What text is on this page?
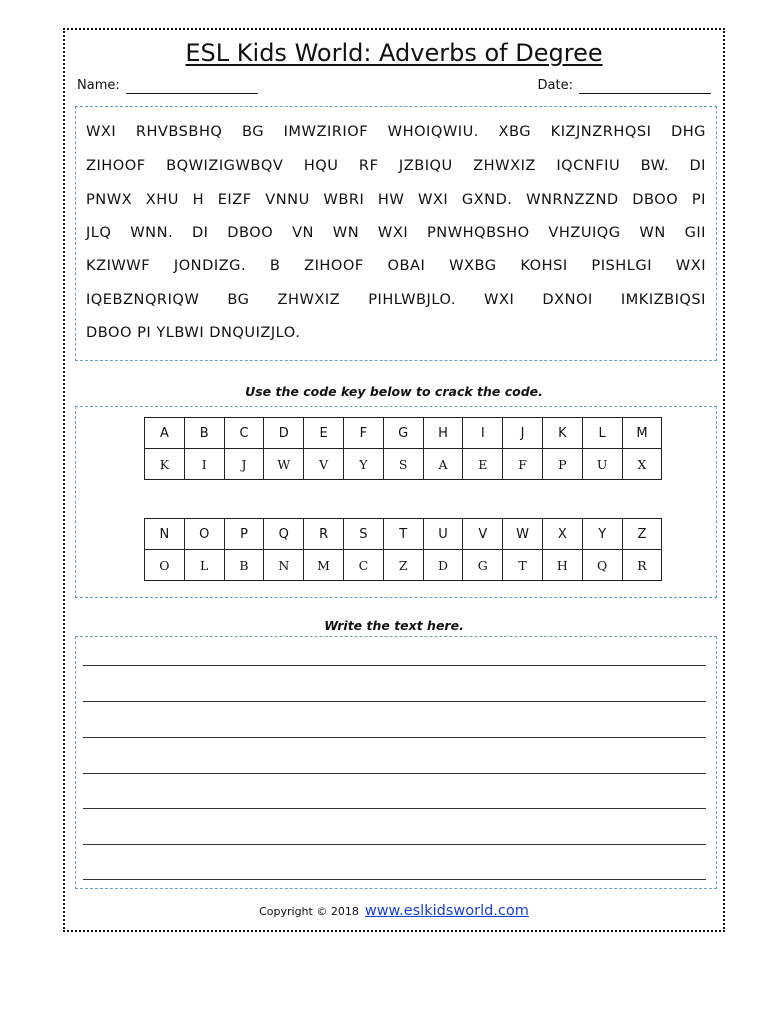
ESL Kids World: Adverbs of Degree
Name:	Date:
WXI RHVBSBHQ BG IMWZIRIOF WHOIQWIU. XBG KIZJNZRHQSI DHG
ZIHOOF BQWIZIGWBQV HQU RF JZBIQU ZHWXIZ IQCNFIU BW. DI
PNWX XHU H EIZF VNNU WBRI HW WXI GXND. WNRNZZND DBOO PI
JLQ WNN. DI DBOO VN WN WXI PNWHQBSHO VHZUIQG WN GII
KZIWWF JONDIZG. B ZIHOOF OBAI WXBG KOHSI PISHLGI WXI
IQEBZNQRIQW BG ZHWXIZ PIHLWBJLO. WXI DXNOI IMKIZBIQSI
DBOO PI YLBWI DNQUIZJLO.
Use the code key below to crack the code.
A	B	C	D	E	F	G	H	I	J	K	L	M
K	I	J	W	V	Y	S	A	E	F	P	U	X
N	O	P	Q	R	S	T	U	V	W	X	Y	Z
O	L	B	N	M	C	Z	D	G	T	H	Q	R
Write the text here.
Copyright © 2018 www.eslkidsworld.com
